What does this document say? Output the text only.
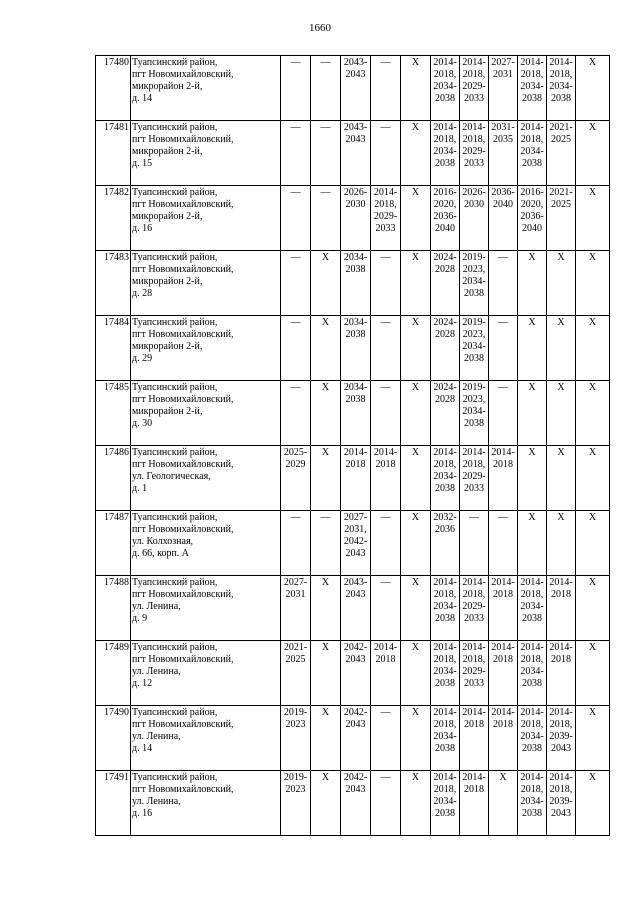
1660
17480	Туапсинский район,
пгт Новомихайловский,
микрорайон 2-й,
д. 14	—	—	2043-
2043	—	Х	2014-
2018,
2034-
2038	2014-
2018,
2029-
2033	2027-
2031	2014-
2018,
2034-
2038	2014-
2018,
2034-
2038	Х

17481	Туапсинский район,
пгт Новомихайловский,
микрорайон 2-й,
д. 15	—	—	2043-
2043	—	Х	2014-
2018,
2034-
2038	2014-
2018,
2029-
2033	2031-
2035	2014-
2018,
2034-
2038	2021-
2025	Х

17482	Туапсинский район,
пгт Новомихайловский,
микрорайон 2-й,
д. 16	—	—	2026-
2030	2014-
2018,
2029-
2033	Х	2016-
2020,
2036-
2040	2026-
2030	2036-
2040	2016-
2020,
2036-
2040	2021-
2025	Х

17483	Туапсинский район,
пгт Новомихайловский,
микрорайон 2-й,
д. 28	—	Х	2034-
2038	—	Х	2024-
2028	2019-
2023,
2034-
2038	—	Х	Х	Х

17484	Туапсинский район,
пгт Новомихайловский,
микрорайон 2-й,
д. 29	—	Х	2034-
2038	—	Х	2024-
2028	2019-
2023,
2034-
2038	—	Х	Х	Х

17485	Туапсинский район,
пгт Новомихайловский,
микрорайон 2-й,
д. 30	—	Х	2034-
2038	—	Х	2024-
2028	2019-
2023,
2034-
2038	—	Х	Х	Х

17486	Туапсинский район,
пгт Новомихайловский,
ул. Геологическая,
д. 1	2025-
2029	Х	2014-
2018	2014-
2018	Х	2014-
2018,
2034-
2038	2014-
2018,
2029-
2033	2014-
2018	Х	Х	Х

17487	Туапсинский район,
пгт Новомихайловский,
ул. Колхозная,
д. 66, корп. А	—	—	2027-
2031,
2042-
2043	—	Х	2032-
2036	—	—	Х	Х	Х

17488	Туапсинский район,
пгт Новомихайловский,
ул. Ленина,
д. 9	2027-
2031	Х	2043-
2043	—	Х	2014-
2018,
2034-
2038	2014-
2018,
2029-
2033	2014-
2018	2014-
2018,
2034-
2038	2014-
2018	Х

17489	Туапсинский район,
пгт Новомихайловский,
ул. Ленина,
д. 12	2021-
2025	Х	2042-
2043	2014-
2018	Х	2014-
2018,
2034-
2038	2014-
2018,
2029-
2033	2014-
2018	2014-
2018,
2034-
2038	2014-
2018	Х

17490	Туапсинский район,
пгт Новомихайловский,
ул. Ленина,
д. 14	2019-
2023	Х	2042-
2043	—	Х	2014-
2018,
2034-
2038	2014-
2018	2014-
2018	2014-
2018,
2034-
2038	2014-
2018,
2039-
2043	Х

17491	Туапсинский район,
пгт Новомихайловский,
ул. Ленина,
д. 16	2019-
2023	Х	2042-
2043	—	Х	2014-
2018,
2034-
2038	2014-
2018	Х	2014-
2018,
2034-
2038	2014-
2018,
2039-
2043	Х
